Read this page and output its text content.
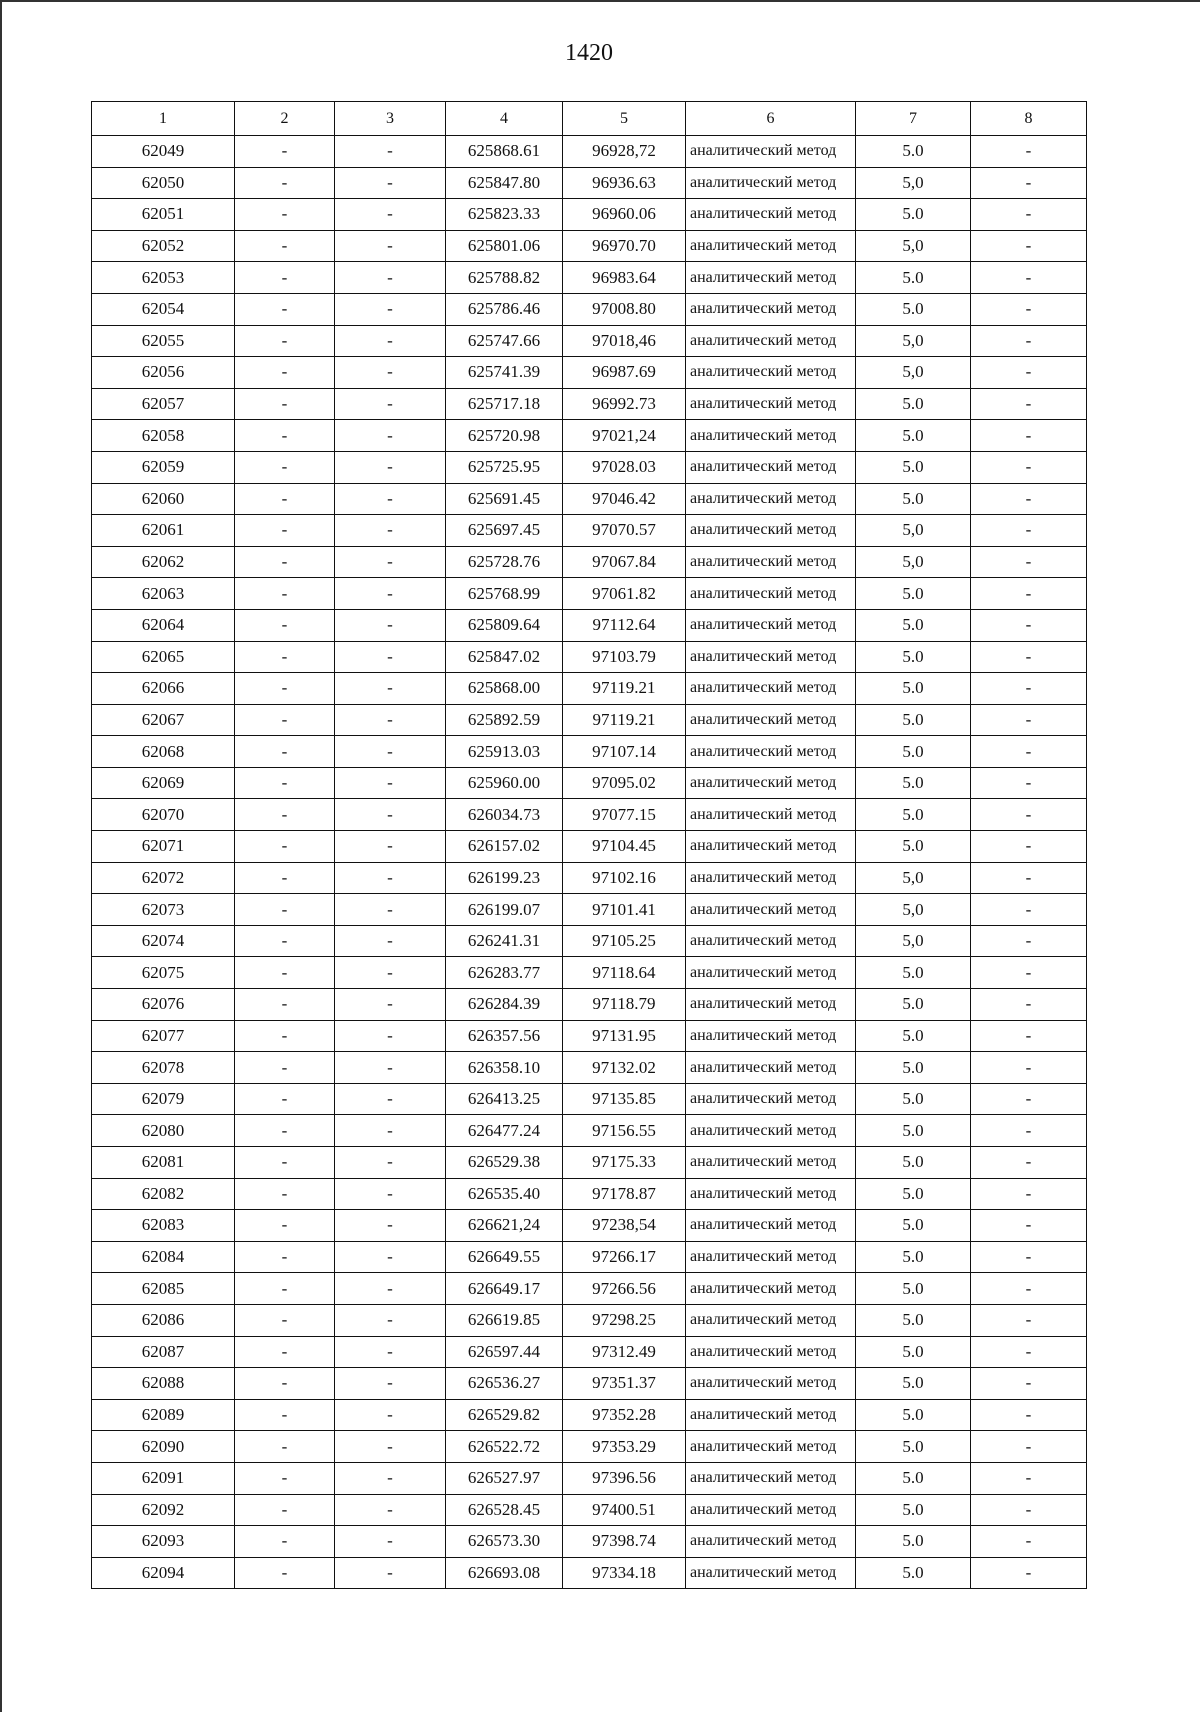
1420
1	2	3	4	5	6	7	8
62049	-	-	625868.61	96928,72	аналитический метод	5.0	-
62050	-	-	625847.80	96936.63	аналитический метод	5,0	-
62051	-	-	625823.33	96960.06	аналитический метод	5.0	-
62052	-	-	625801.06	96970.70	аналитический метод	5,0	-
62053	-	-	625788.82	96983.64	аналитический метод	5.0	-
62054	-	-	625786.46	97008.80	аналитический метод	5.0	-
62055	-	-	625747.66	97018,46	аналитический метод	5,0	-
62056	-	-	625741.39	96987.69	аналитический метод	5,0	-
62057	-	-	625717.18	96992.73	аналитический метод	5.0	-
62058	-	-	625720.98	97021,24	аналитический метод	5.0	-
62059	-	-	625725.95	97028.03	аналитический метод	5.0	-
62060	-	-	625691.45	97046.42	аналитический метод	5.0	-
62061	-	-	625697.45	97070.57	аналитический метод	5,0	-
62062	-	-	625728.76	97067.84	аналитический метод	5,0	-
62063	-	-	625768.99	97061.82	аналитический метод	5.0	-
62064	-	-	625809.64	97112.64	аналитический метод	5.0	-
62065	-	-	625847.02	97103.79	аналитический метод	5.0	-
62066	-	-	625868.00	97119.21	аналитический метод	5.0	-
62067	-	-	625892.59	97119.21	аналитический метод	5.0	-
62068	-	-	625913.03	97107.14	аналитический метод	5.0	-
62069	-	-	625960.00	97095.02	аналитический метод	5.0	-
62070	-	-	626034.73	97077.15	аналитический метод	5.0	-
62071	-	-	626157.02	97104.45	аналитический метод	5.0	-
62072	-	-	626199.23	97102.16	аналитический метод	5,0	-
62073	-	-	626199.07	97101.41	аналитический метод	5,0	-
62074	-	-	626241.31	97105.25	аналитический метод	5,0	-
62075	-	-	626283.77	97118.64	аналитический метод	5.0	-
62076	-	-	626284.39	97118.79	аналитический метод	5.0	-
62077	-	-	626357.56	97131.95	аналитический метод	5.0	-
62078	-	-	626358.10	97132.02	аналитический метод	5.0	-
62079	-	-	626413.25	97135.85	аналитический метод	5.0	-
62080	-	-	626477.24	97156.55	аналитический метод	5.0	-
62081	-	-	626529.38	97175.33	аналитический метод	5.0	-
62082	-	-	626535.40	97178.87	аналитический метод	5.0	-
62083	-	-	626621,24	97238,54	аналитический метод	5.0	-
62084	-	-	626649.55	97266.17	аналитический метод	5.0	-
62085	-	-	626649.17	97266.56	аналитический метод	5.0	-
62086	-	-	626619.85	97298.25	аналитический метод	5.0	-
62087	-	-	626597.44	97312.49	аналитический метод	5.0	-
62088	-	-	626536.27	97351.37	аналитический метод	5.0	-
62089	-	-	626529.82	97352.28	аналитический метод	5.0	-
62090	-	-	626522.72	97353.29	аналитический метод	5.0	-
62091	-	-	626527.97	97396.56	аналитический метод	5.0	-
62092	-	-	626528.45	97400.51	аналитический метод	5.0	-
62093	-	-	626573.30	97398.74	аналитический метод	5.0	-
62094	-	-	626693.08	97334.18	аналитический метод	5.0	-
